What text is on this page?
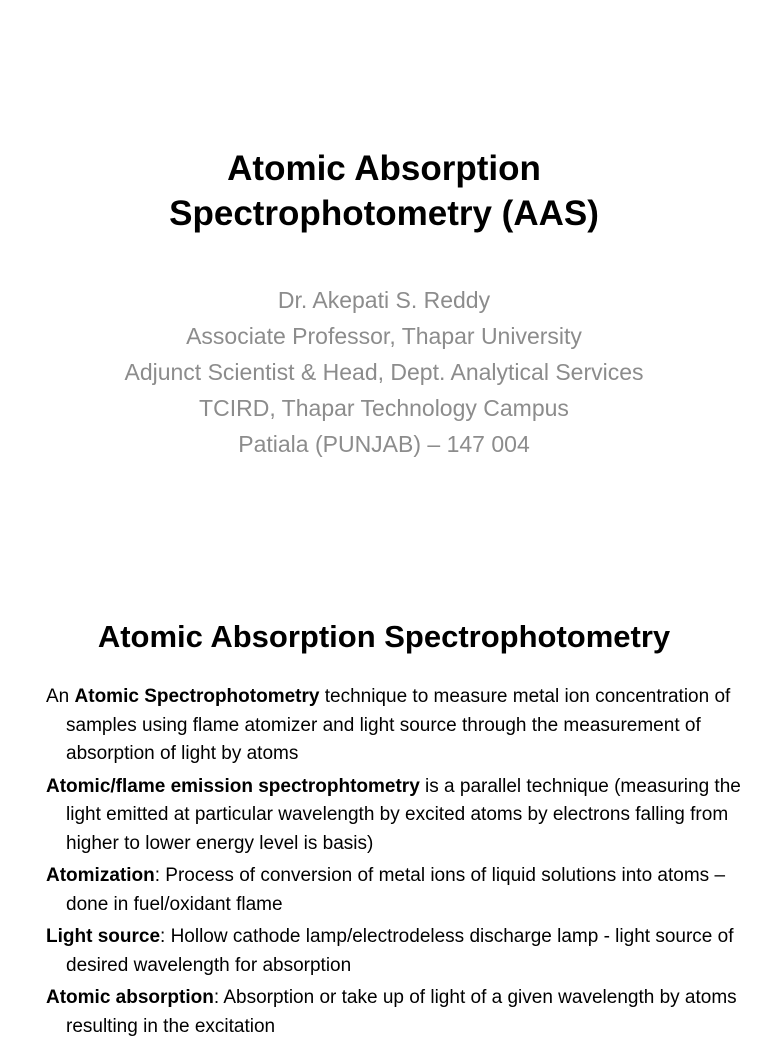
Atomic Absorption
Spectrophotometry (AAS)
Dr. Akepati S. Reddy
Associate Professor, Thapar University
Adjunct Scientist & Head, Dept. Analytical Services
TCIRD, Thapar Technology Campus
Patiala (PUNJAB) – 147 004
Atomic Absorption Spectrophotometry
An Atomic Spectrophotometry technique to measure metal ion concentration of samples using flame atomizer and light source through the measurement of absorption of light by atoms
Atomic/flame emission spectrophtometry is a parallel technique (measuring the light emitted at particular wavelength by excited atoms by electrons falling from higher to lower energy level is basis)
Atomization: Process of conversion of metal ions of liquid solutions into atoms – done in fuel/oxidant flame
Light source: Hollow cathode lamp/electrodeless discharge lamp - light source of desired wavelength for absorption
Atomic absorption: Absorption or take up of light of a given wavelength by atoms resulting in the excitation
